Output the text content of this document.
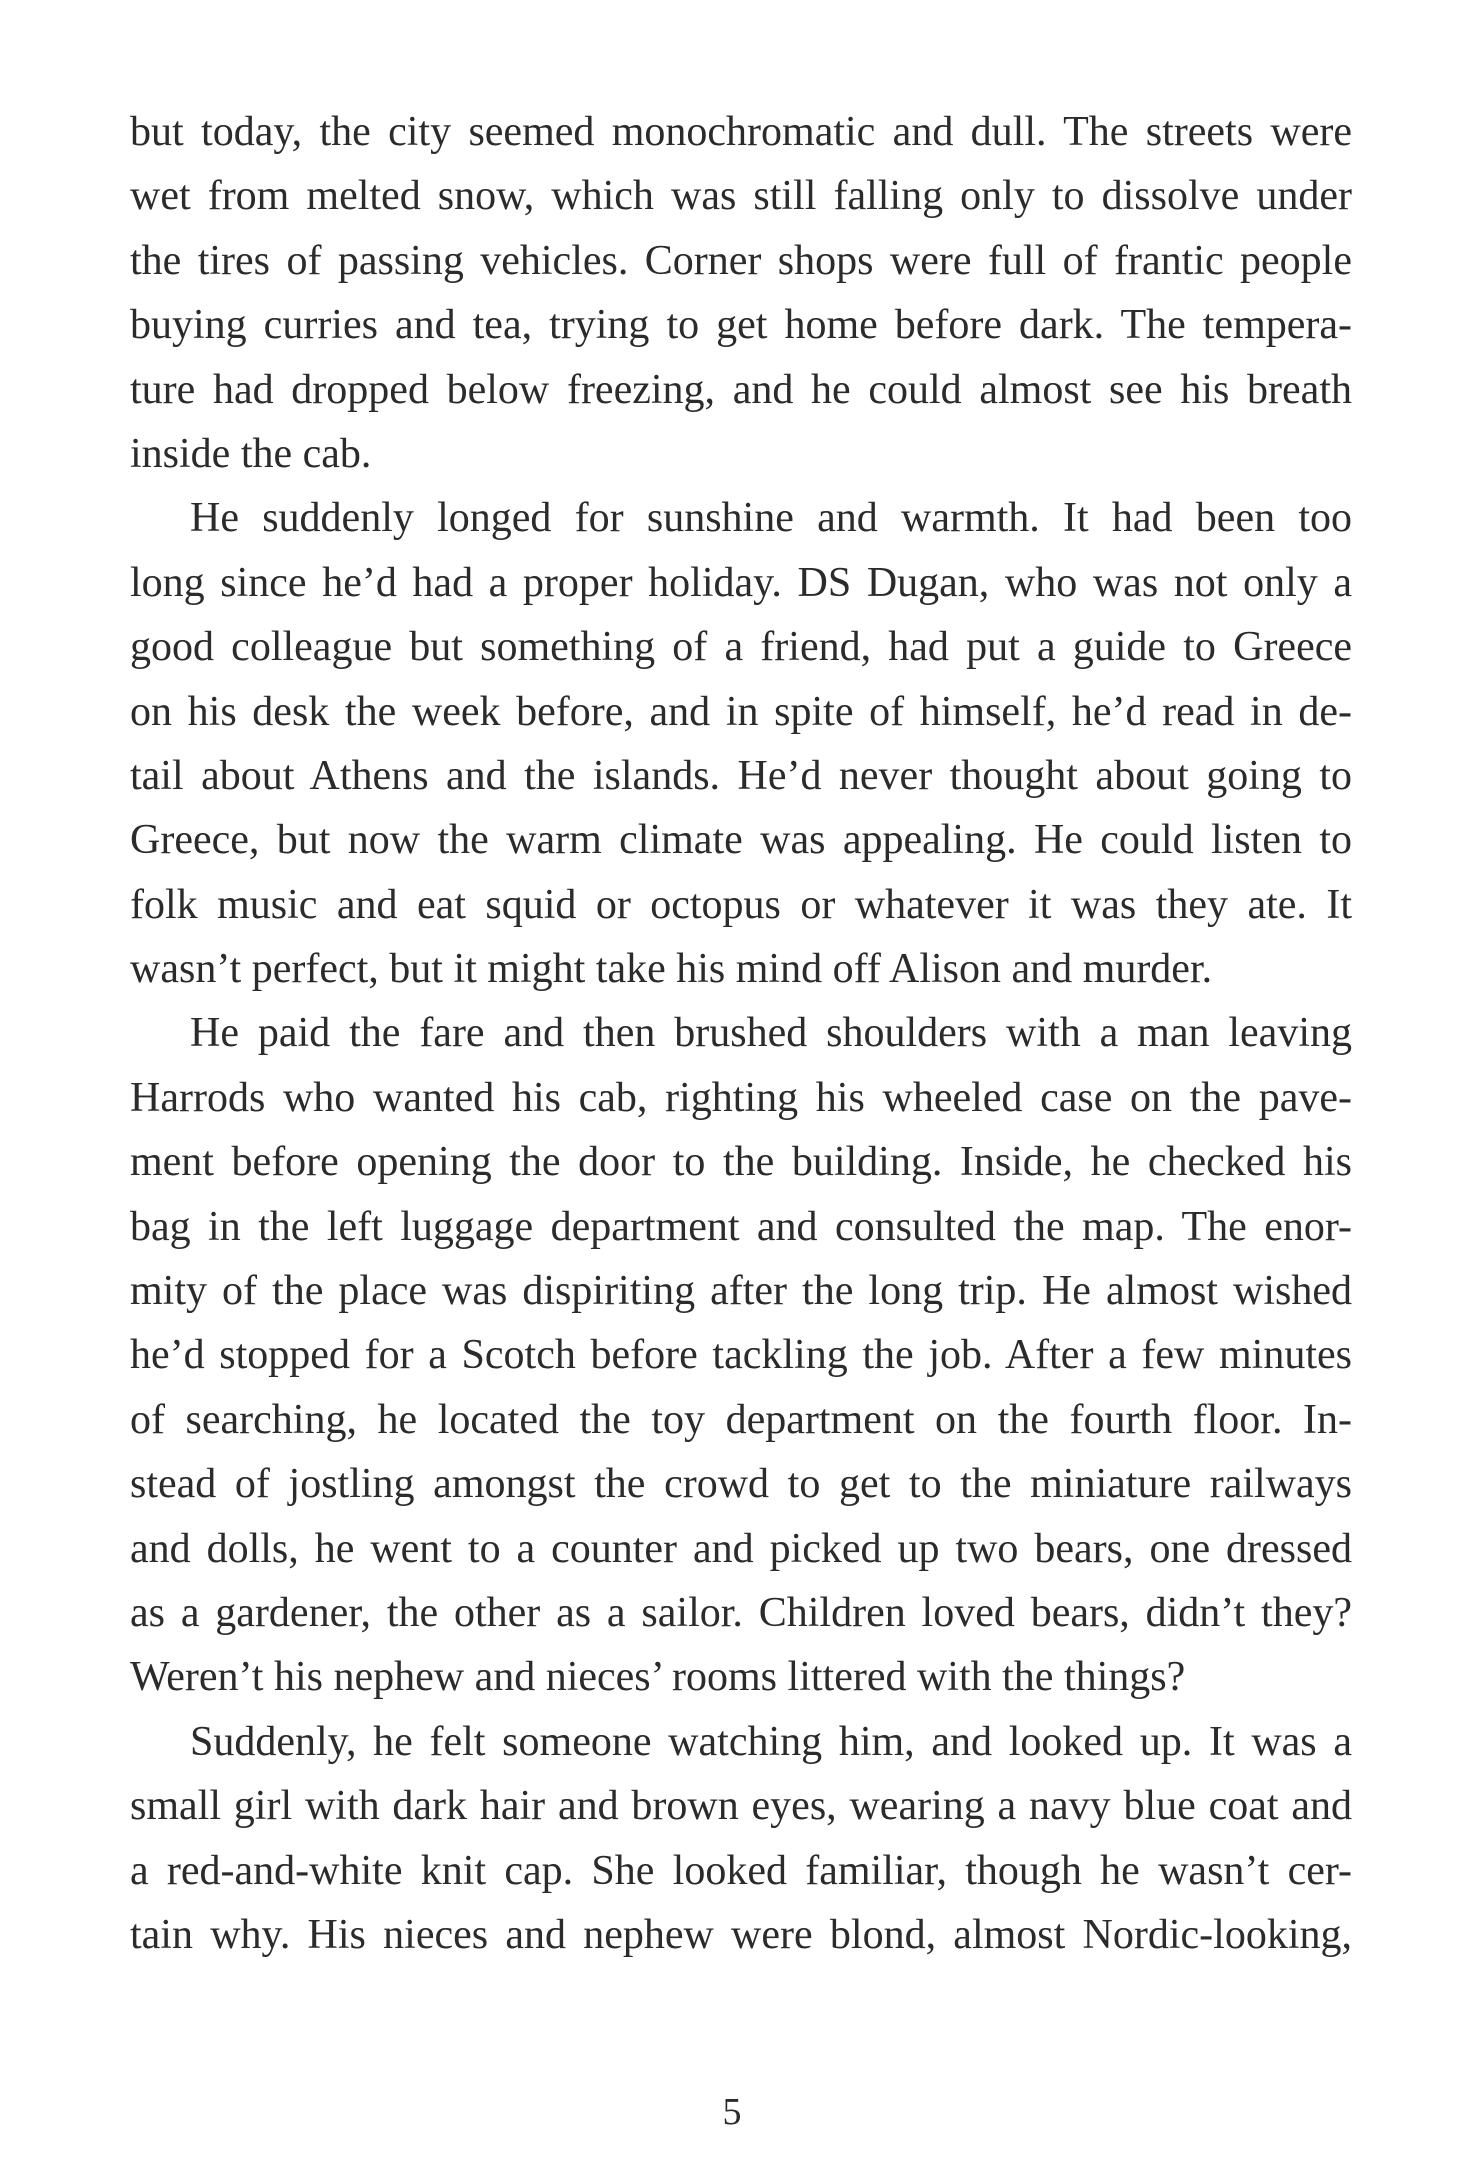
but today, the city seemed monochromatic and dull. The streets were
wet from melted snow, which was still falling only to dissolve under
the tires of passing vehicles. Corner shops were full of frantic people
buying curries and tea, trying to get home before dark. The tempera-
ture had dropped below freezing, and he could almost see his breath
inside the cab.
He suddenly longed for sunshine and warmth. It had been too
long since he’d had a proper holiday. DS Dugan, who was not only a
good colleague but something of a friend, had put a guide to Greece
on his desk the week before, and in spite of himself, he’d read in de-
tail about Athens and the islands. He’d never thought about going to
Greece, but now the warm climate was appealing. He could listen to
folk music and eat squid or octopus or whatever it was they ate. It
wasn’t perfect, but it might take his mind off Alison and murder.
He paid the fare and then brushed shoulders with a man leaving
Harrods who wanted his cab, righting his wheeled case on the pave-
ment before opening the door to the building. Inside, he checked his
bag in the left luggage department and consulted the map. The enor-
mity of the place was dispiriting after the long trip. He almost wished
he’d stopped for a Scotch before tackling the job. After a few minutes
of searching, he located the toy department on the fourth floor. In-
stead of jostling amongst the crowd to get to the miniature railways
and dolls, he went to a counter and picked up two bears, one dressed
as a gardener, the other as a sailor. Children loved bears, didn’t they?
Weren’t his nephew and nieces’ rooms littered with the things?
Suddenly, he felt someone watching him, and looked up. It was a
small girl with dark hair and brown eyes, wearing a navy blue coat and
a red-and-white knit cap. She looked familiar, though he wasn’t cer-
tain why. His nieces and nephew were blond, almost Nordic-looking,
5
